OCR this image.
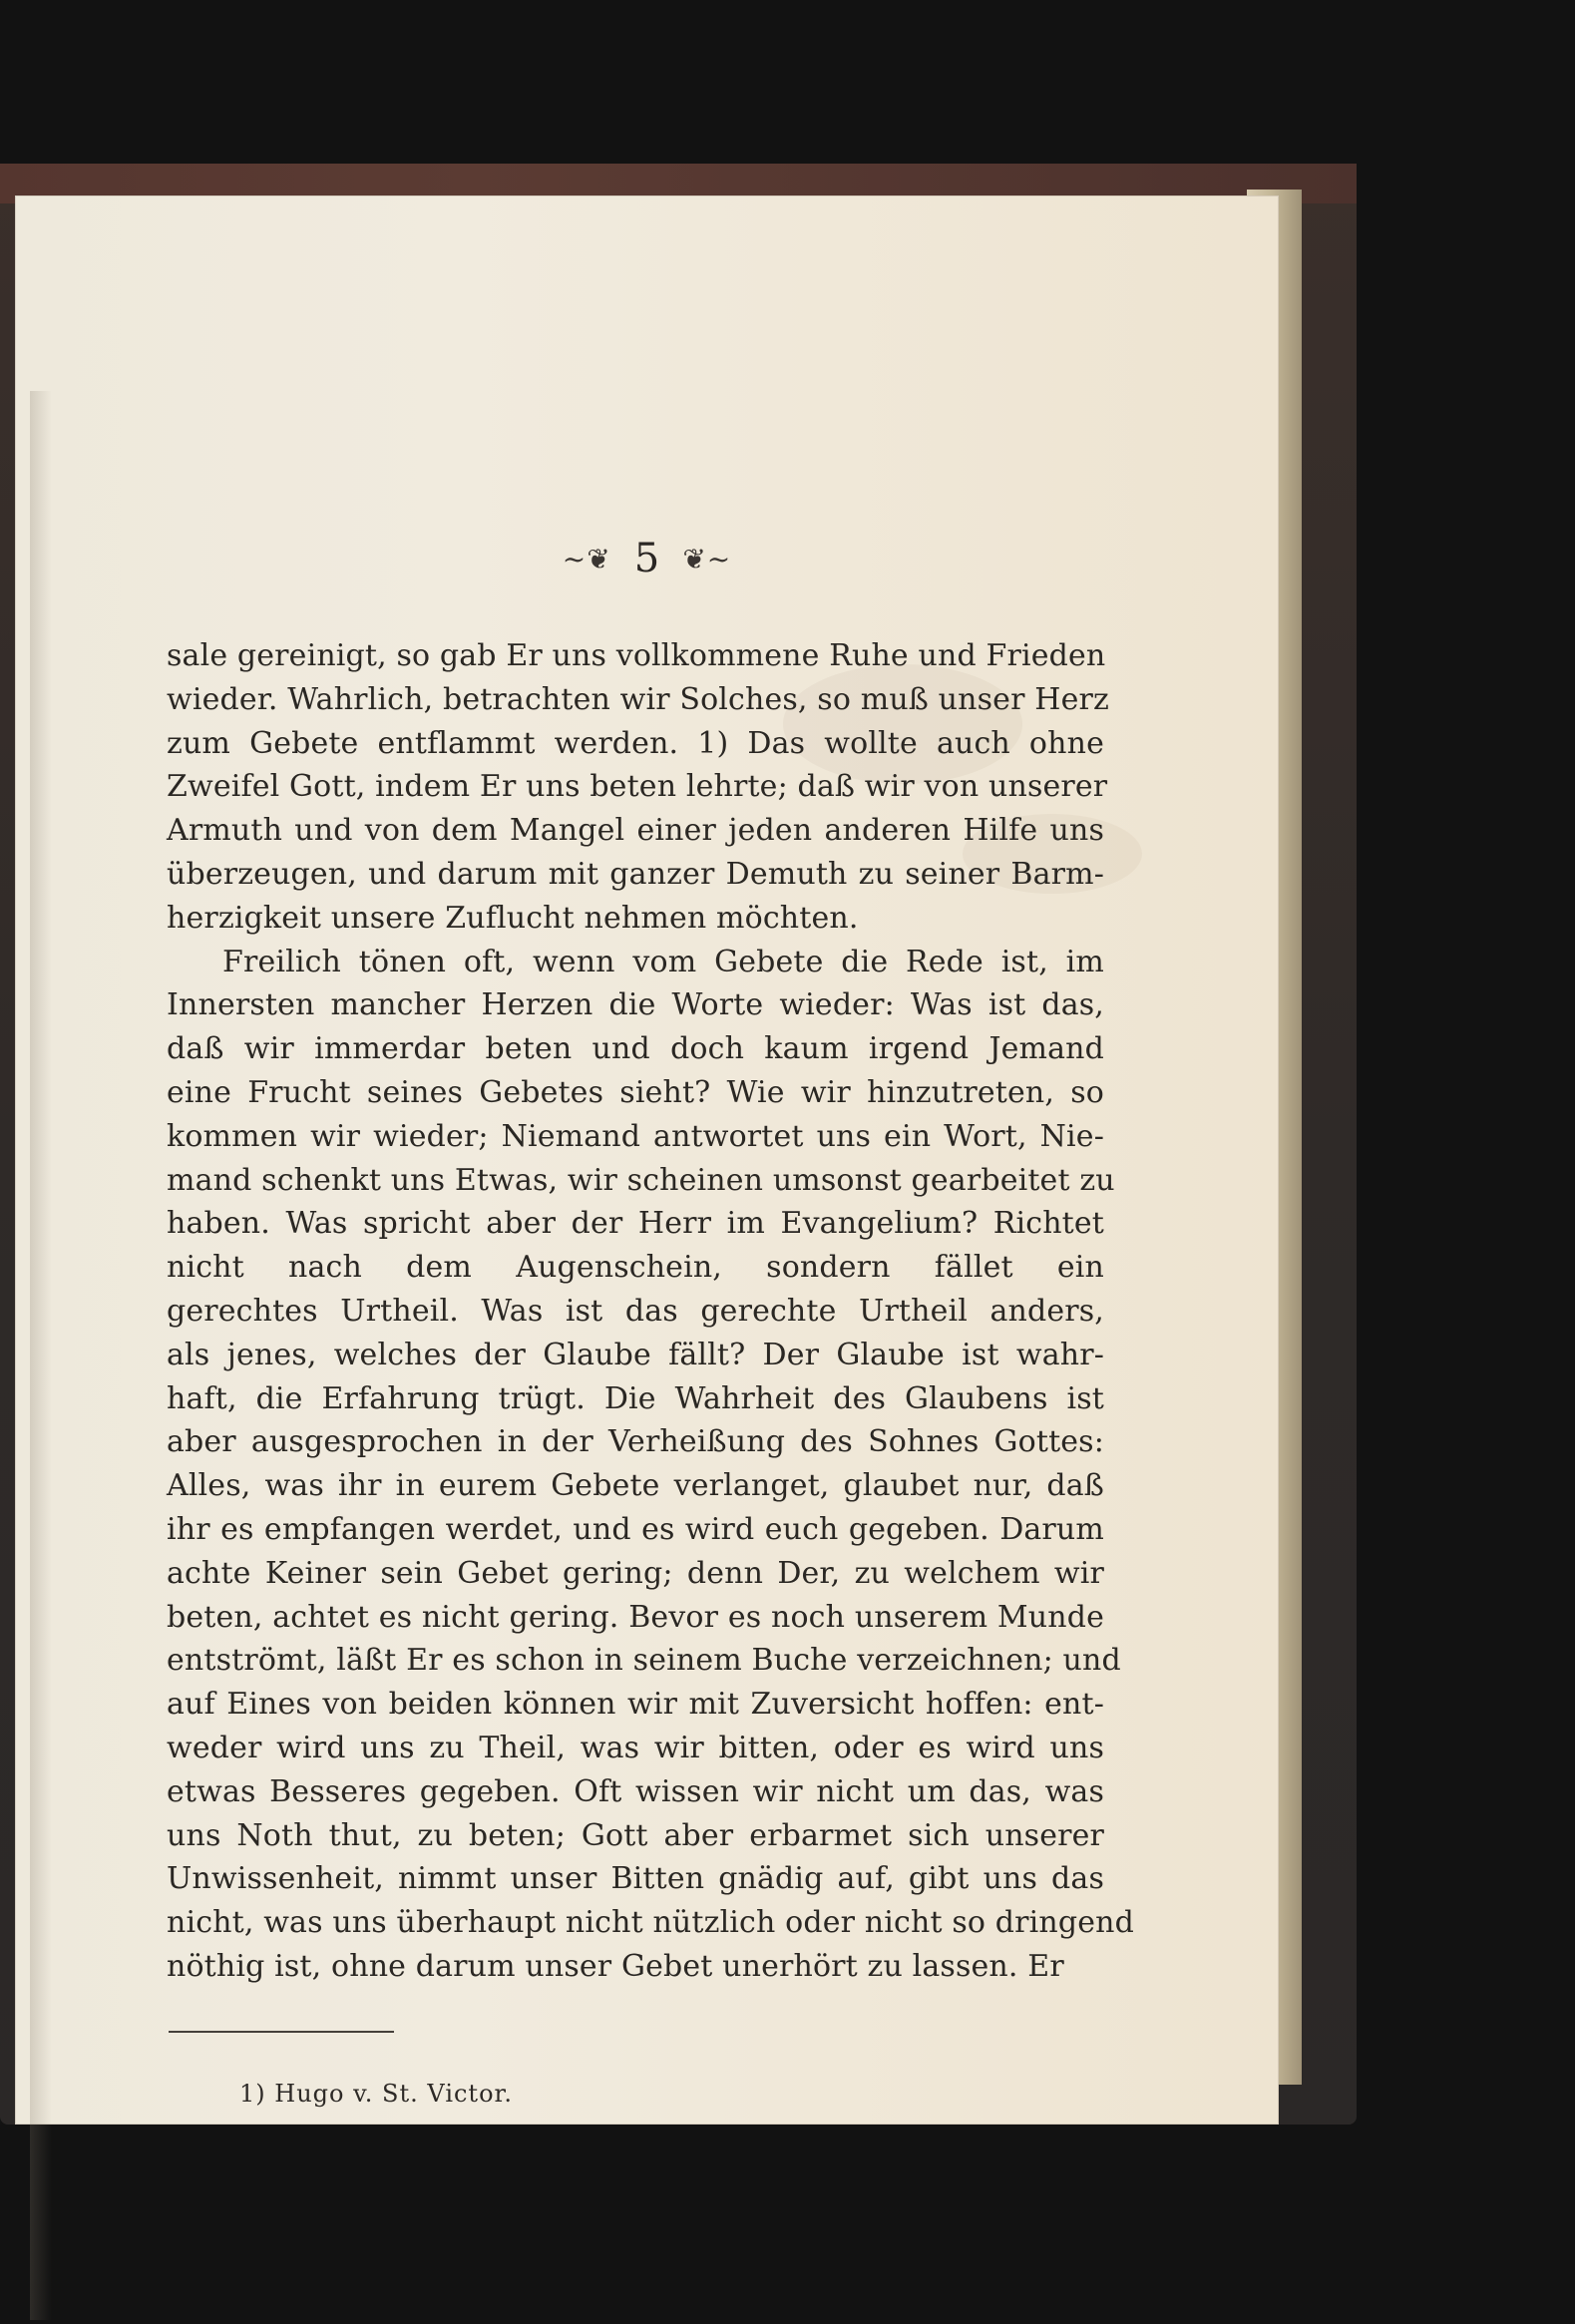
~❦ 5 ❦~
sale gereinigt, so gab Er uns vollkommene Ruhe und Frieden
wieder. Wahrlich, betrachten wir Solches, so muß unser Herz
zum Gebete entflammt werden. 1) Das wollte auch ohne
Zweifel Gott, indem Er uns beten lehrte; daß wir von unserer
Armuth und von dem Mangel einer jeden anderen Hilfe uns
überzeugen, und darum mit ganzer Demuth zu seiner Barm-
herzigkeit unsere Zuflucht nehmen möchten.
Freilich tönen oft, wenn vom Gebete die Rede ist, im
Innersten mancher Herzen die Worte wieder: Was ist das,
daß wir immerdar beten und doch kaum irgend Jemand
eine Frucht seines Gebetes sieht? Wie wir hinzutreten, so
kommen wir wieder; Niemand antwortet uns ein Wort, Nie-
mand schenkt uns Etwas, wir scheinen umsonst gearbeitet zu
haben. Was spricht aber der Herr im Evangelium? Richtet
nicht nach dem Augenschein, sondern fället ein
gerechtes Urtheil. Was ist das gerechte Urtheil anders,
als jenes, welches der Glaube fällt? Der Glaube ist wahr-
haft, die Erfahrung trügt. Die Wahrheit des Glaubens ist
aber ausgesprochen in der Verheißung des Sohnes Gottes:
Alles, was ihr in eurem Gebete verlanget, glaubet nur, daß
ihr es empfangen werdet, und es wird euch gegeben. Darum
achte Keiner sein Gebet gering; denn Der, zu welchem wir
beten, achtet es nicht gering. Bevor es noch unserem Munde
entströmt, läßt Er es schon in seinem Buche verzeichnen; und
auf Eines von beiden können wir mit Zuversicht hoffen: ent-
weder wird uns zu Theil, was wir bitten, oder es wird uns
etwas Besseres gegeben. Oft wissen wir nicht um das, was
uns Noth thut, zu beten; Gott aber erbarmet sich unserer
Unwissenheit, nimmt unser Bitten gnädig auf, gibt uns das
nicht, was uns überhaupt nicht nützlich oder nicht so dringend
nöthig ist, ohne darum unser Gebet unerhört zu lassen. Er
1) Hugo v. St. Victor.
